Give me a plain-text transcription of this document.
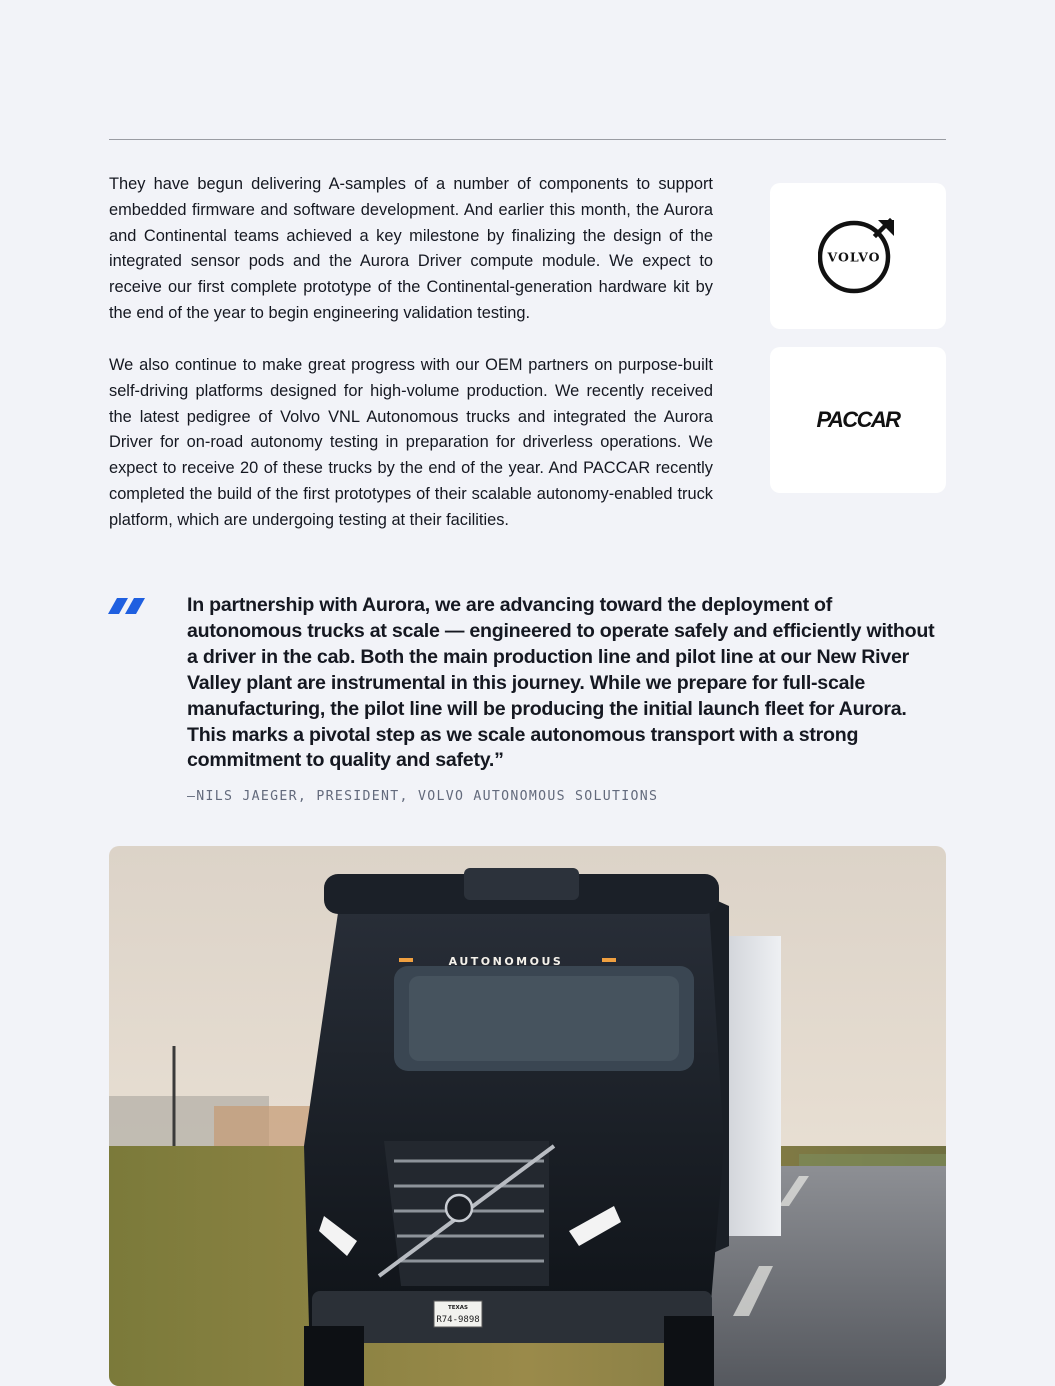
They have begun delivering A-samples of a number of components to support embedded firmware and software development. And earlier this month, the Aurora and Continental teams achieved a key milestone by finalizing the design of the integrated sensor pods and the Aurora Driver compute module. We expect to receive our first complete prototype of the Continental-generation hardware kit by the end of the year to begin engineering validation testing.

We also continue to make great progress with our OEM partners on purpose-built self-driving platforms designed for high-volume production. We recently received the latest pedigree of Volvo VNL Autonomous trucks and integrated the Aurora Driver for on-road autonomy testing in preparation for driverless operations. We expect to receive 20 of these trucks by the end of the year. And PACCAR recently completed the build of the first prototypes of their scalable autonomy-enabled truck platform, which are undergoing testing at their facilities.

VOLVO
PACCAR

In partnership with Aurora, we are advancing toward the deployment of autonomous trucks at scale — engineered to operate safely and efficiently without a driver in the cab. Both the main production line and pilot line at our New River Valley plant are instrumental in this journey. While we prepare for full-scale manufacturing, the pilot line will be producing the initial launch fleet for Aurora. This marks a pivotal step as we scale autonomous transport with a strong commitment to quality and safety.”

—NILS JAEGER, PRESIDENT, VOLVO AUTONOMOUS SOLUTIONS
AUTONOMOUS
TEXAS
R74-9898
